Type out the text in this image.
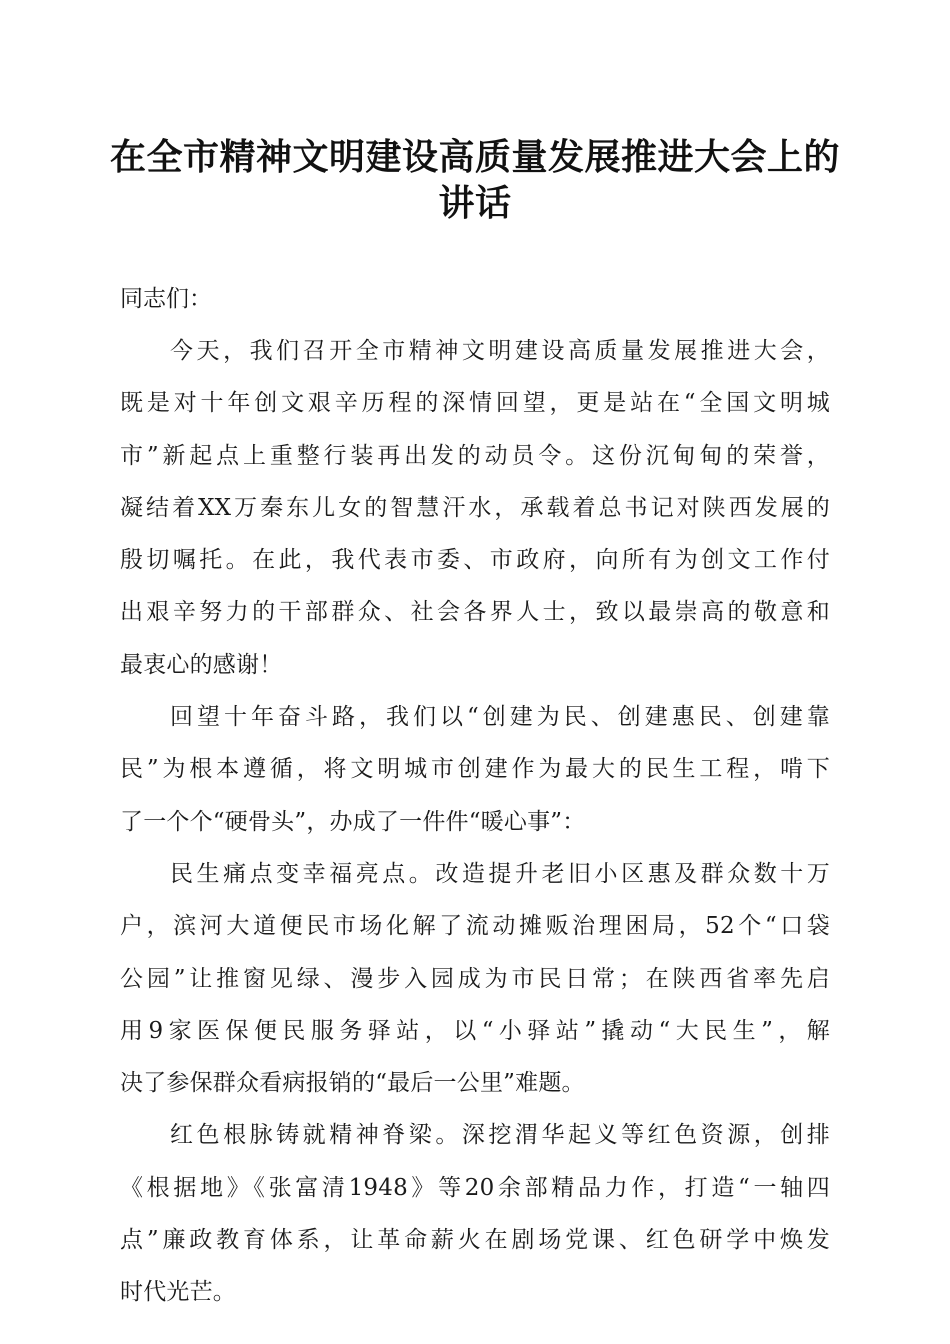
在全市精神文明建设高质量发展推进大会上的
讲话

同志们：

今天，我们召开全市精神文明建设高质量发展推进大会，
既是对十年创文艰辛历程的深情回望，更是站在“全国文明城
市”新起点上重整行装再出发的动员令。这份沉甸甸的荣誉，
凝结着XX万秦东儿女的智慧汗水，承载着总书记对陕西发展的
殷切嘱托。在此，我代表市委、市政府，向所有为创文工作付
出艰辛努力的干部群众、社会各界人士，致以最崇高的敬意和
最衷心的感谢！
回望十年奋斗路，我们以“创建为民、创建惠民、创建靠
民”为根本遵循，将文明城市创建作为最大的民生工程，啃下
了一个个“硬骨头”，办成了一件件“暖心事”：
民生痛点变幸福亮点。改造提升老旧小区惠及群众数十万
户，滨河大道便民市场化解了流动摊贩治理困局，52个“口袋
公园”让推窗见绿、漫步入园成为市民日常；在陕西省率先启
用9家医保便民服务驿站，以“小驿站”撬动“大民生”，解
决了参保群众看病报销的“最后一公里”难题。
红色根脉铸就精神脊梁。深挖渭华起义等红色资源，创排
《根据地》《张富清1948》等20余部精品力作，打造“一轴四
点”廉政教育体系，让革命薪火在剧场党课、红色研学中焕发
时代光芒。
